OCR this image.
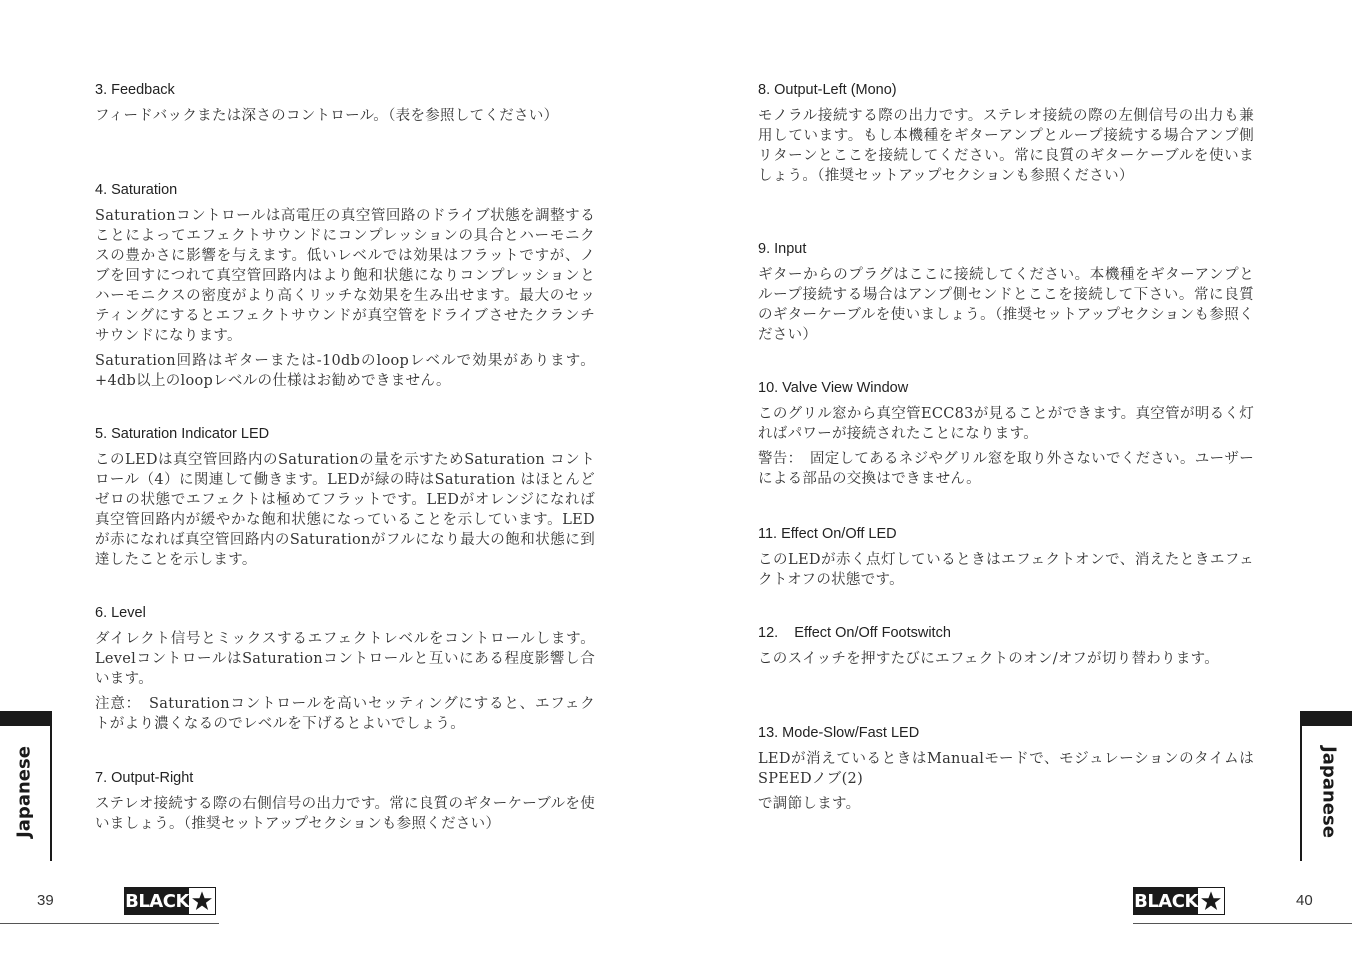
3. Feedback
フィードバックまたは深さのコントロール。（表を参照してください）
4. Saturation
Saturationコントロールは高電圧の真空管回路のドライブ状態を調整することによってエフェクトサウンドにコンプレッションの具合とハーモニクスの豊かさに影響を与えます。低いレベルでは効果はフラットですが、ノブを回すにつれて真空管回路内はより飽和状態になりコンプレッションとハーモニクスの密度がより高くリッチな効果を生み出せます。最大のセッティングにするとエフェクトサウンドが真空管をドライブさせたクランチサウンドになります。
Saturation回路はギターまたは-10dbのloopレベルで効果があります。+4db以上のloopレベルの仕様はお勧めできません。
5. Saturation Indicator LED
このLEDは真空管回路内のSaturationの量を示すためSaturation コントロール（4）に関連して働きます。LEDが緑の時はSaturation はほとんどゼロの状態でエフェクトは極めてフラットです。LEDがオレンジになれば真空管回路内が緩やかな飽和状態になっていることを示しています。LEDが赤になれば真空管回路内のSaturationがフルになり最大の飽和状態に到達したことを示します。
6. Level
ダイレクト信号とミックスするエフェクトレベルをコントロールします。LevelコントロールはSaturationコントロールと互いにある程度影響し合います。
注意：　Saturationコントロールを高いセッティングにすると、エフェクトがより濃くなるのでレベルを下げるとよいでしょう。
7. Output-Right
ステレオ接続する際の右側信号の出力です。常に良質のギターケーブルを使いましょう。（推奨セットアップセクションも参照ください）
8. Output-Left (Mono)
モノラル接続する際の出力です。ステレオ接続の際の左側信号の出力も兼用しています。もし本機種をギターアンプとループ接続する場合アンプ側リターンとここを接続してください。常に良質のギターケーブルを使いましょう。（推奨セットアップセクションも参照ください）
9. Input
ギターからのプラグはここに接続してください。本機種をギターアンプとループ接続する場合はアンプ側センドとここを接続して下さい。常に良質のギターケーブルを使いましょう。（推奨セットアップセクションも参照ください）
10. Valve View Window
このグリル窓から真空管ECC83が見ることができます。真空管が明るく灯ればパワーが接続されたことになります。
警告：　固定してあるネジやグリル窓を取り外さないでください。ユーザーによる部品の交換はできません。
11. Effect On/Off LED
このLEDが赤く点灯しているときはエフェクトオンで、消えたときエフェクトオフの状態です。
12.    Effect On/Off Footswitch
このスイッチを押すたびにエフェクトのオン/オフが切り替わります。
13. Mode-Slow/Fast LED
LEDが消えているときはManualモードで、モジュレーションのタイムはSPEEDノブ(2)
で調節します。
Japanese	Japanese
39	40
BLACK	BLACK
